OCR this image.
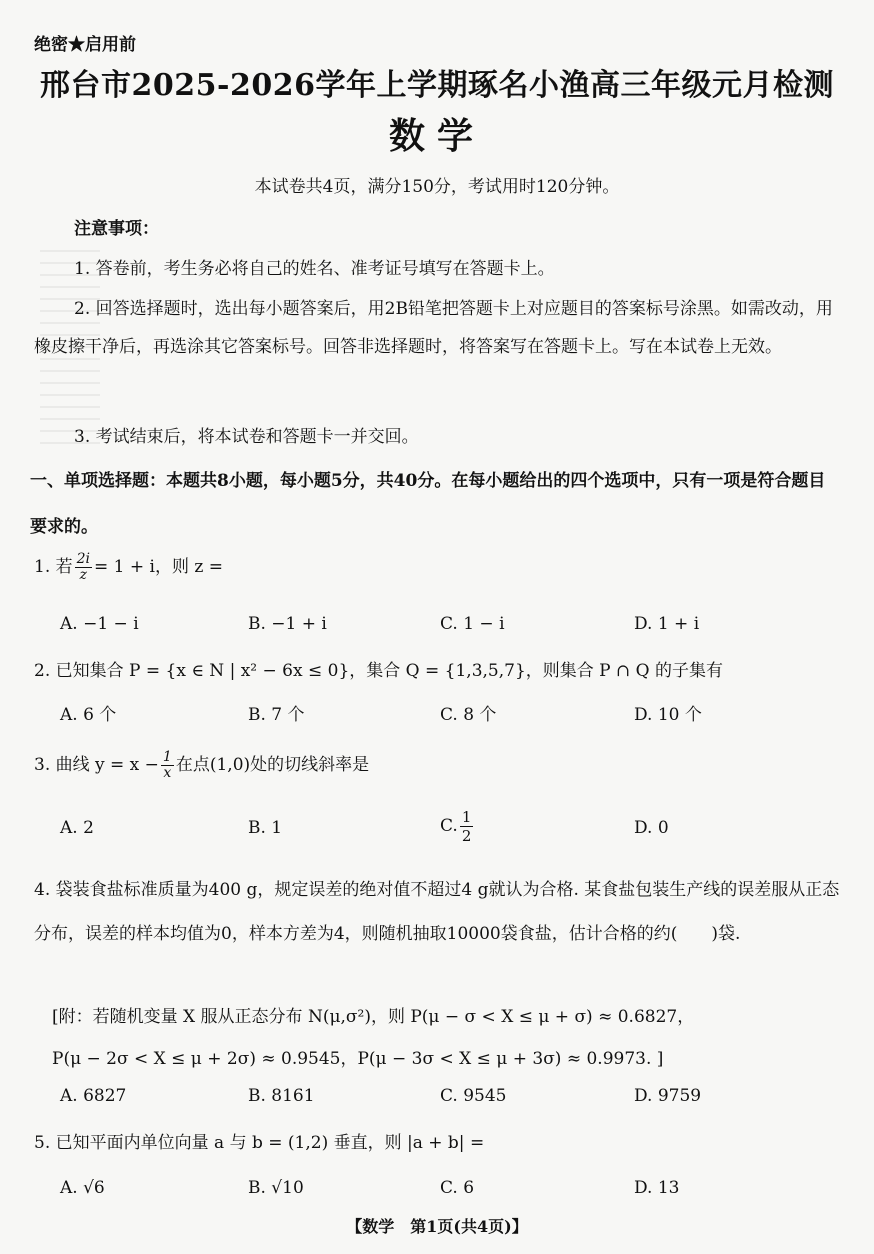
绝密★启用前
邢台市2025-2026学年上学期琢名小渔高三年级元月检测
数学
本试卷共4页，满分150分，考试用时120分钟。
注意事项：
1. 答卷前，考生务必将自己的姓名、准考证号填写在答题卡上。
2. 回答选择题时，选出每小题答案后，用2B铅笔把答题卡上对应题目的答案标号涂黑。如需改动，用橡皮擦干净后，再选涂其它答案标号。回答非选择题时，将答案写在答题卡上。写在本试卷上无效。
3. 考试结束后，将本试卷和答题卡一并交回。
一、单项选择题：本题共8小题，每小题5分，共40分。在每小题给出的四个选项中，只有一项是符合题目要求的。
1. 若 $\frac{2i}{z} = 1 + i$，则 z =
A. −1 − i	B. −1 + i	C. 1 − i	D. 1 + i
2. 已知集合 P = {x ∈ N | x² − 6x ≤ 0}，集合 Q = {1,3,5,7}，则集合 P ∩ Q 的子集有
A. 6 个	B. 7 个	C. 8 个	D. 10 个
3. 曲线 $y = x - \frac{1}{x}$ 在点(1,0)处的切线斜率是
A. 2	B. 1	C. $\frac{1}{2}$	D. 0
4. 袋装食盐标准质量为400 g，规定误差的绝对值不超过4 g就认为合格. 某食盐包装生产线的误差服从正态分布，误差的样本均值为0，样本方差为4，则随机抽取10000袋食盐，估计合格的约(　　)袋.
[附：若随机变量 X 服从正态分布 N(μ,σ²)，则 P(μ − σ < X ≤ μ + σ) ≈ 0.6827，
P(μ − 2σ < X ≤ μ + 2σ) ≈ 0.9545，P(μ − 3σ < X ≤ μ + 3σ) ≈ 0.9973. ]
A. 6827	B. 8161	C. 9545	D. 9759
5. 已知平面内单位向量 a 与 b = (1,2) 垂直，则 |a + b| =
A. √6	B. √10	C. 6	D. 13
【数学　第1页(共4页)】
